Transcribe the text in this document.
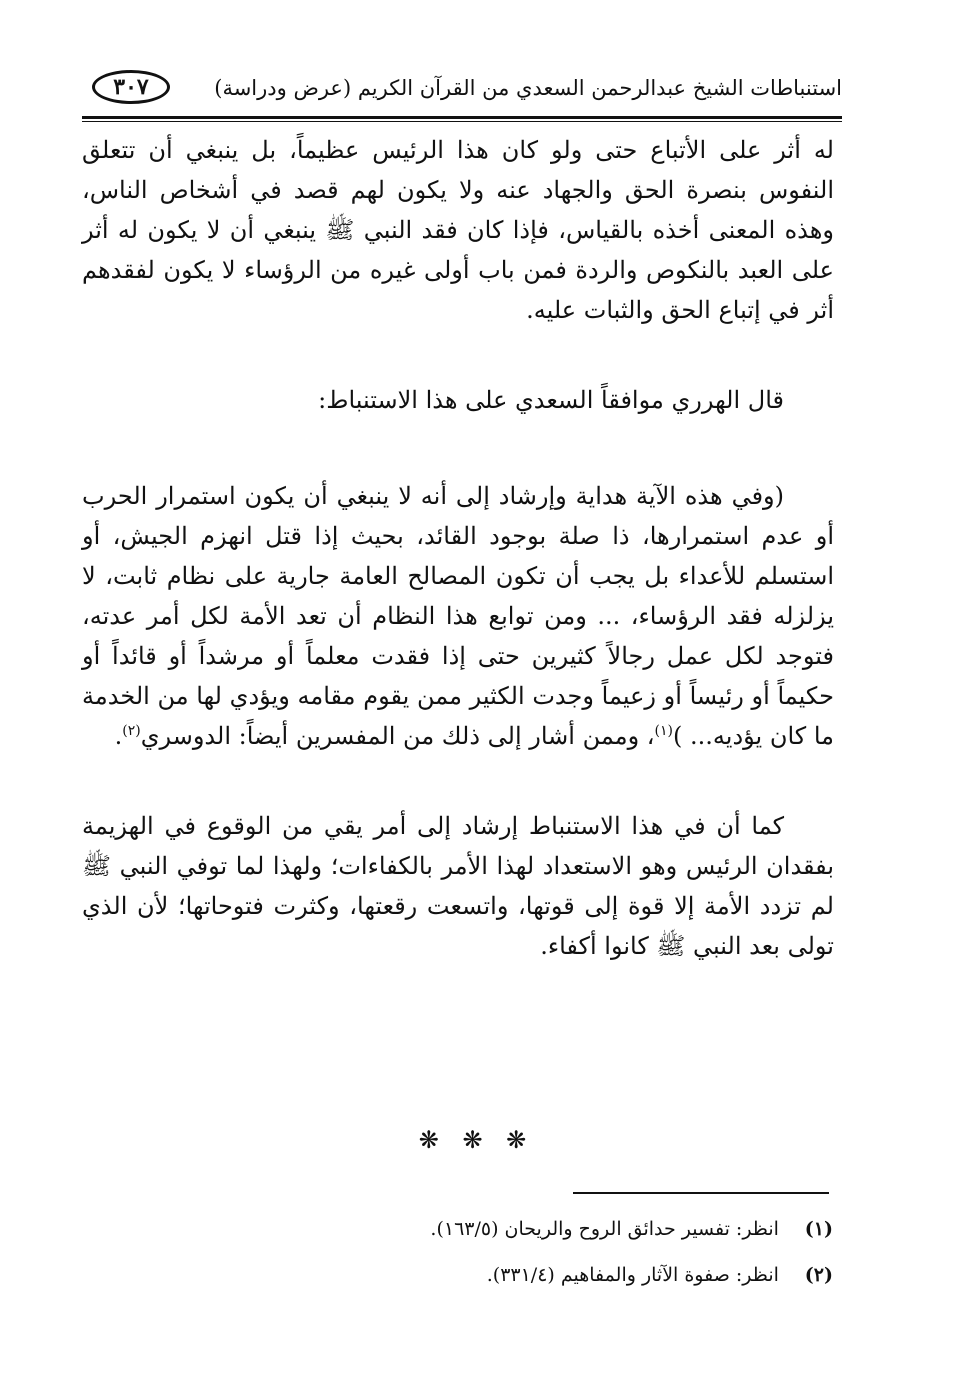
استنباطات الشيخ عبدالرحمن السعدي من القرآن الكريم (عرض ودراسة)
٣٠٧

له أثر على الأتباع حتى ولو كان هذا الرئيس عظيماً، بل ينبغي أن تتعلق النفوس بنصرة الحق والجهاد عنه ولا يكون لهم قصد في أشخاص الناس، وهذه المعنى أخذه بالقياس، فإذا كان فقد النبي ﷺ ينبغي أن لا يكون له أثر على العبد بالنكوص والردة فمن باب أولى غيره من الرؤساء لا يكون لفقدهم أثر في إتباع الحق والثبات عليه.

قال الهرري موافقاً السعدي على هذا الاستنباط:

(وفي هذه الآية هداية وإرشاد إلى أنه لا ينبغي أن يكون استمرار الحرب أو عدم استمرارها، ذا صلة بوجود القائد، بحيث إذا قتل انهزم الجيش، أو استسلم للأعداء بل يجب أن تكون المصالح العامة جارية على نظام ثابت، لا يزلزله فقد الرؤساء، ... ومن توابع هذا النظام أن تعد الأمة لكل أمر عدته، فتوجد لكل عمل رجالاً كثيرين حتى إذا فقدت معلماً أو مرشداً أو قائداً أو حكيماً أو رئيساً أو زعيماً وجدت الكثير ممن يقوم مقامه ويؤدي لها من الخدمة ما كان يؤديه... )$^{(١)}$، وممن أشار إلى ذلك من المفسرين أيضاً: الدوسري$^{(٢)}$.

كما أن في هذا الاستنباط إرشاد إلى أمر يقي من الوقوع في الهزيمة بفقدان الرئيس وهو الاستعداد لهذا الأمر بالكفاءات؛ ولهذا لما توفي النبي ﷺ لم تزدد الأمة إلا قوة إلى قوتها، واتسعت رقعتها، وكثرت فتوحاتها؛ لأن الذي تولى بعد النبي ﷺ كانوا أكفاء.

❋ ❋ ❋
(١) انظر: تفسير حدائق الروح والريحان (١٦٣/٥).
(٢) انظر: صفوة الآثار والمفاهيم (٣٣١/٤).
